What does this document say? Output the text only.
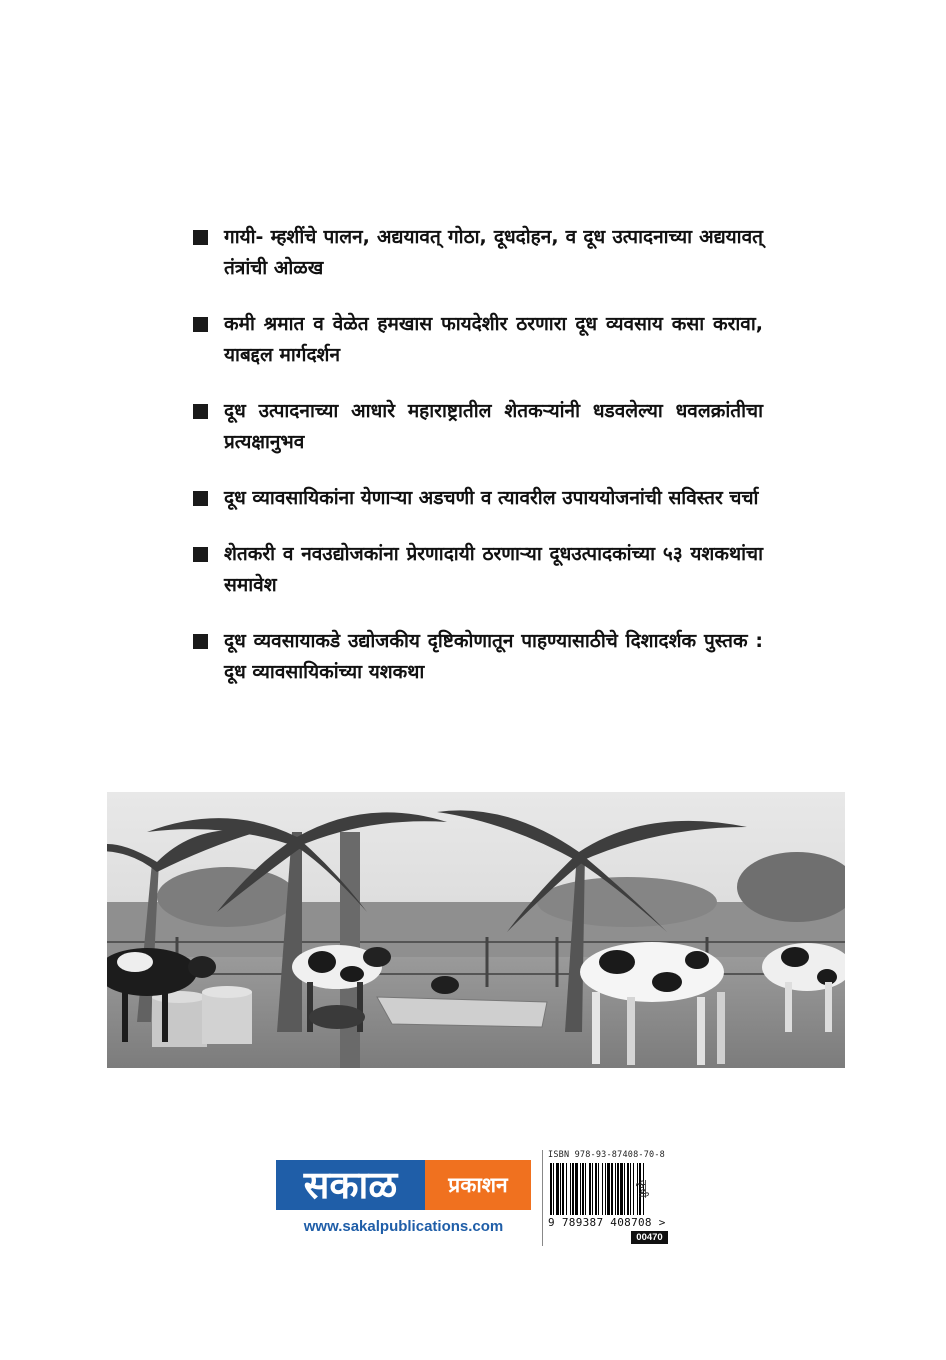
गायी- म्हशींचे पालन, अद्ययावत् गोठा, दूधदोहन, व दूध उत्पादनाच्या अद्ययावत् तंत्रांची ओळख
कमी श्रमात व वेळेत हमखास फायदेशीर ठरणारा दूध व्यवसाय कसा करावा, याबद्दल मार्गदर्शन
दूध उत्पादनाच्या आधारे महाराष्ट्रातील शेतकऱ्यांनी धडवलेल्या धवलक्रांतीचा प्रत्यक्षानुभव
दूध व्यावसायिकांना येणाऱ्या अडचणी व त्यावरील उपाययोजनांची सविस्तर चर्चा
शेतकरी व नवउद्योजकांना प्रेरणादायी ठरणाऱ्या दूधउत्पादकांच्या ५३ यशकथांचा समावेश
दूध व्यवसायाकडे उद्योजकीय दृष्टिकोणातून पाहण्यासाठीचे दिशादर्शक पुस्तक : दूध व्यावसायिकांच्या यशकथा
सकाळ	प्रकाशन
www.sakalpublications.com
ISBN 978-93-87408-70-8
9 789387 408708 >
कृषी
00470
